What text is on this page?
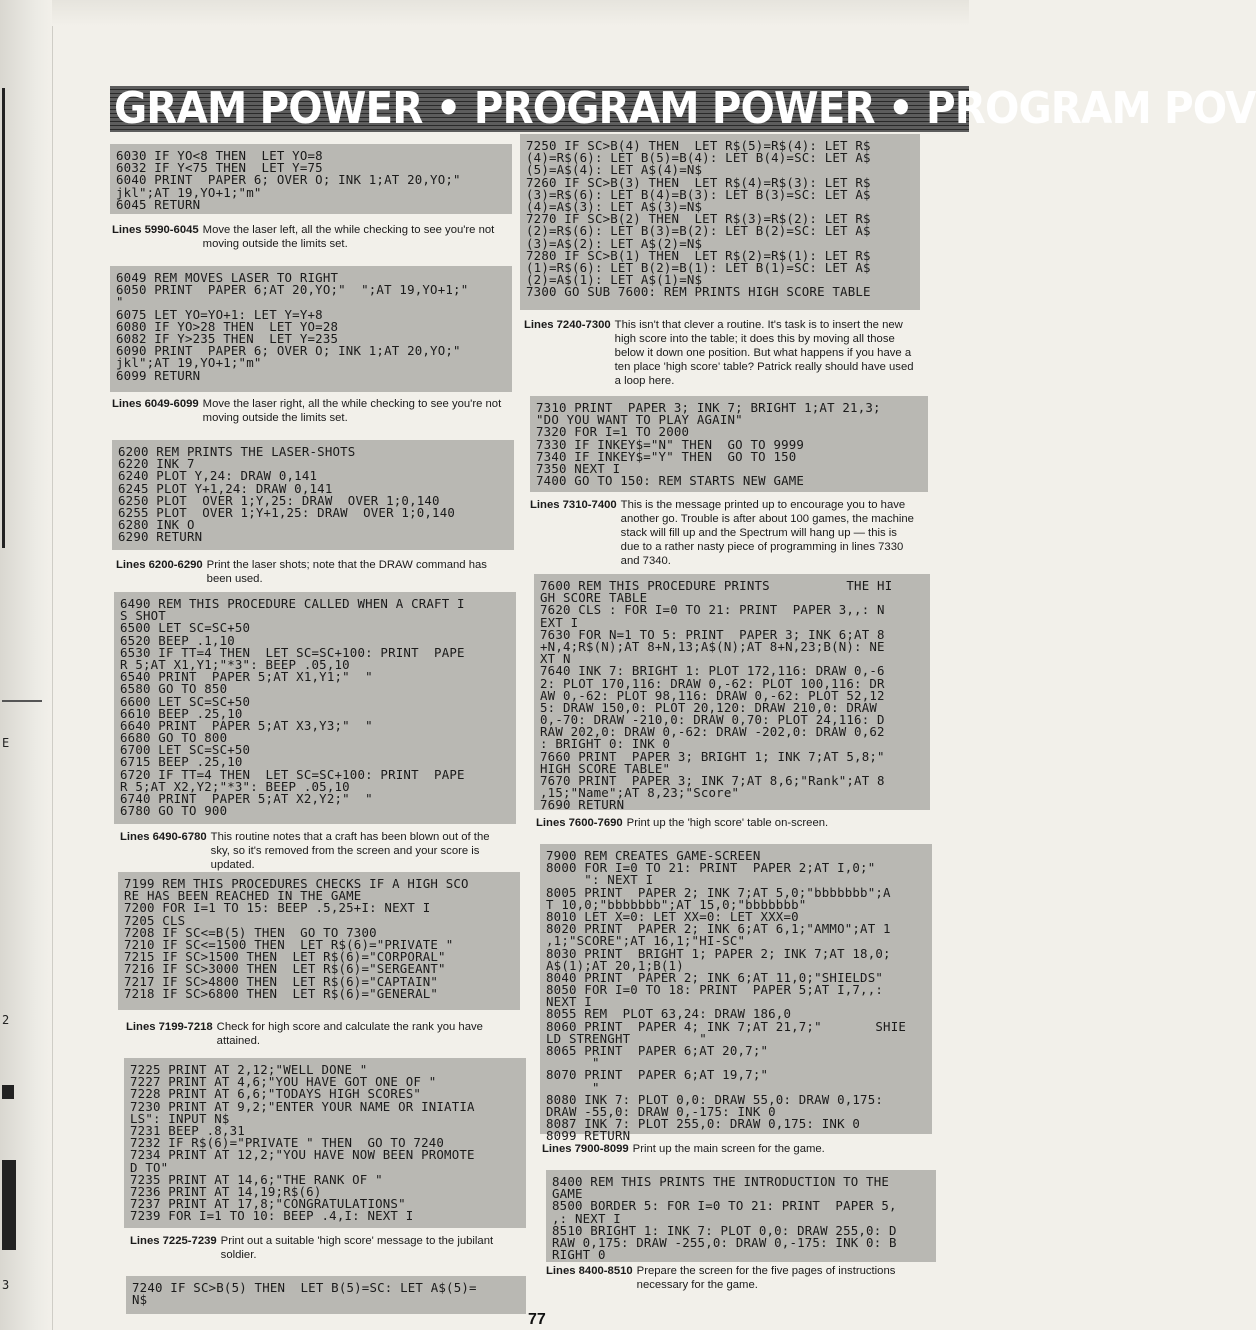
E
2
3
GRAM POWER • PROGRAM POWER • PROGRAM POV
6030 IF YO<8 THEN  LET YO=8
6032 IF Y<75 THEN  LET Y=75
6040 PRINT  PAPER 6; OVER O; INK 1;AT 20,YO;"
jkl";AT 19,YO+1;"m"
6045 RETURN
Lines 5990-6045 Move the laser left, all the while checking to see you're not moving outside the limits set.
6049 REM MOVES LASER TO RIGHT
6050 PRINT  PAPER 6;AT 20,YO;"  ";AT 19,YO+1;"
"
6075 LET YO=YO+1: LET Y=Y+8
6080 IF YO>28 THEN  LET YO=28
6082 IF Y>235 THEN  LET Y=235
6090 PRINT  PAPER 6; OVER O; INK 1;AT 20,YO;"
jkl";AT 19,YO+1;"m"
6099 RETURN
Lines 6049-6099 Move the laser right, all the while checking to see you're not moving outside the limits set.
6200 REM PRINTS THE LASER-SHOTS
6220 INK 7
6240 PLOT Y,24: DRAW 0,141
6245 PLOT Y+1,24: DRAW 0,141
6250 PLOT  OVER 1;Y,25: DRAW  OVER 1;0,140
6255 PLOT  OVER 1;Y+1,25: DRAW  OVER 1;0,140
6280 INK O
6290 RETURN
Lines 6200-6290 Print the laser shots; note that the DRAW command has been used.
6490 REM THIS PROCEDURE CALLED WHEN A CRAFT I
S SHOT
6500 LET SC=SC+50
6520 BEEP .1,10
6530 IF TT=4 THEN  LET SC=SC+100: PRINT  PAPE
R 5;AT X1,Y1;"*3": BEEP .05,10
6540 PRINT  PAPER 5;AT X1,Y1;"  "
6580 GO TO 850
6600 LET SC=SC+50
6610 BEEP .25,10
6640 PRINT  PAPER 5;AT X3,Y3;"  "
6680 GO TO 800
6700 LET SC=SC+50
6715 BEEP .25,10
6720 IF TT=4 THEN  LET SC=SC+100: PRINT  PAPE
R 5;AT X2,Y2;"*3": BEEP .05,10
6740 PRINT  PAPER 5;AT X2,Y2;"  "
6780 GO TO 900
Lines 6490-6780 This routine notes that a craft has been blown out of the sky, so it's removed from the screen and your score is updated.
7199 REM THIS PROCEDURES CHECKS IF A HIGH SCO
RE HAS BEEN REACHED IN THE GAME
7200 FOR I=1 TO 15: BEEP .5,25+I: NEXT I
7205 CLS
7208 IF SC<=B(5) THEN  GO TO 7300
7210 IF SC<=1500 THEN  LET R$(6)="PRIVATE "
7215 IF SC>1500 THEN  LET R$(6)="CORPORAL"
7216 IF SC>3000 THEN  LET R$(6)="SERGEANT"
7217 IF SC>4800 THEN  LET R$(6)="CAPTAIN"
7218 IF SC>6800 THEN  LET R$(6)="GENERAL"
Lines 7199-7218 Check for high score and calculate the rank you have attained.
7225 PRINT AT 2,12;"WELL DONE "
7227 PRINT AT 4,6;"YOU HAVE GOT ONE OF "
7228 PRINT AT 6,6;"TODAYS HIGH SCORES"
7230 PRINT AT 9,2;"ENTER YOUR NAME OR INIATIA
LS": INPUT N$
7231 BEEP .8,31
7232 IF R$(6)="PRIVATE " THEN  GO TO 7240
7234 PRINT AT 12,2;"YOU HAVE NOW BEEN PROMOTE
D TO"
7235 PRINT AT 14,6;"THE RANK OF "
7236 PRINT AT 14,19;R$(6)
7237 PRINT AT 17,8;"CONGRATULATIONS"
7239 FOR I=1 TO 10: BEEP .4,I: NEXT I
Lines 7225-7239 Print out a suitable 'high score' message to the jubilant soldier.
7240 IF SC>B(5) THEN  LET B(5)=SC: LET A$(5)=
N$
7250 IF SC>B(4) THEN  LET R$(5)=R$(4): LET R$
(4)=R$(6): LET B(5)=B(4): LET B(4)=SC: LET A$
(5)=A$(4): LET A$(4)=N$
7260 IF SC>B(3) THEN  LET R$(4)=R$(3): LET R$
(3)=R$(6): LET B(4)=B(3): LET B(3)=SC: LET A$
(4)=A$(3): LET A$(3)=N$
7270 IF SC>B(2) THEN  LET R$(3)=R$(2): LET R$
(2)=R$(6): LET B(3)=B(2): LET B(2)=SC: LET A$
(3)=A$(2): LET A$(2)=N$
7280 IF SC>B(1) THEN  LET R$(2)=R$(1): LET R$
(1)=R$(6): LET B(2)=B(1): LET B(1)=SC: LET A$
(2)=A$(1): LET A$(1)=N$
7300 GO SUB 7600: REM PRINTS HIGH SCORE TABLE
Lines 7240-7300 This isn't that clever a routine. It's task is to insert the new high score into the table; it does this by moving all those below it down one position. But what happens if you have a ten place 'high score' table? Patrick really should have used a loop here.
7310 PRINT  PAPER 3; INK 7; BRIGHT 1;AT 21,3;
"DO YOU WANT TO PLAY AGAIN"
7320 FOR I=1 TO 2000
7330 IF INKEY$="N" THEN  GO TO 9999
7340 IF INKEY$="Y" THEN  GO TO 150
7350 NEXT I
7400 GO TO 150: REM STARTS NEW GAME
Lines 7310-7400 This is the message printed up to encourage you to have another go. Trouble is after about 100 games, the machine stack will fill up and the Spectrum will hang up — this is due to a rather nasty piece of programming in lines 7330 and 7340.
7600 REM THIS PROCEDURE PRINTS          THE HI
GH SCORE TABLE
7620 CLS : FOR I=0 TO 21: PRINT  PAPER 3,,: N
EXT I
7630 FOR N=1 TO 5: PRINT  PAPER 3; INK 6;AT 8
+N,4;R$(N);AT 8+N,13;A$(N);AT 8+N,23;B(N): NE
XT N
7640 INK 7: BRIGHT 1: PLOT 172,116: DRAW 0,-6
2: PLOT 170,116: DRAW 0,-62: PLOT 100,116: DR
AW 0,-62: PLOT 98,116: DRAW 0,-62: PLOT 52,12
5: DRAW 150,0: PLOT 20,120: DRAW 210,0: DRAW
0,-70: DRAW -210,0: DRAW 0,70: PLOT 24,116: D
RAW 202,0: DRAW 0,-62: DRAW -202,0: DRAW 0,62
: BRIGHT 0: INK 0
7660 PRINT  PAPER 3; BRIGHT 1; INK 7;AT 5,8;"
HIGH SCORE TABLE"
7670 PRINT  PAPER 3; INK 7;AT 8,6;"Rank";AT 8
,15;"Name";AT 8,23;"Score"
7690 RETURN
Lines 7600-7690 Print up the 'high score' table on-screen.
7900 REM CREATES GAME-SCREEN
8000 FOR I=0 TO 21: PRINT  PAPER 2;AT I,0;"
": NEXT I
8005 PRINT  PAPER 2; INK 7;AT 5,0;"bbbbbbb";A
T 10,0;"bbbbbbb";AT 15,0;"bbbbbbb"
8010 LET X=0: LET XX=0: LET XXX=0
8020 PRINT  PAPER 2; INK 6;AT 6,1;"AMMO";AT 1
,1;"SCORE";AT 16,1;"HI-SC"
8030 PRINT  BRIGHT 1; PAPER 2; INK 7;AT 18,0;
A$(1);AT 20,1;B(1)
8040 PRINT  PAPER 2; INK 6;AT 11,0;"SHIELDS"
8050 FOR I=0 TO 18: PRINT  PAPER 5;AT I,7,,:
NEXT I
8055 REM  PLOT 63,24: DRAW 186,0
8060 PRINT  PAPER 4; INK 7;AT 21,7;"       SHIE
LD STRENGHT         "
8065 PRINT  PAPER 6;AT 20,7;"
"
8070 PRINT  PAPER 6;AT 19,7;"
"
8080 INK 7: PLOT 0,0: DRAW 55,0: DRAW 0,175:
DRAW -55,0: DRAW 0,-175: INK 0
8087 INK 7: PLOT 255,0: DRAW 0,175: INK 0
8099 RETURN
Lines 7900-8099 Print up the main screen for the game.
8400 REM THIS PRINTS THE INTRODUCTION TO THE
GAME
8500 BORDER 5: FOR I=0 TO 21: PRINT  PAPER 5,
,: NEXT I
8510 BRIGHT 1: INK 7: PLOT 0,0: DRAW 255,0: D
RAW 0,175: DRAW -255,0: DRAW 0,-175: INK 0: B
RIGHT 0
Lines 8400-8510 Prepare the screen for the five pages of instructions necessary for the game.
77
